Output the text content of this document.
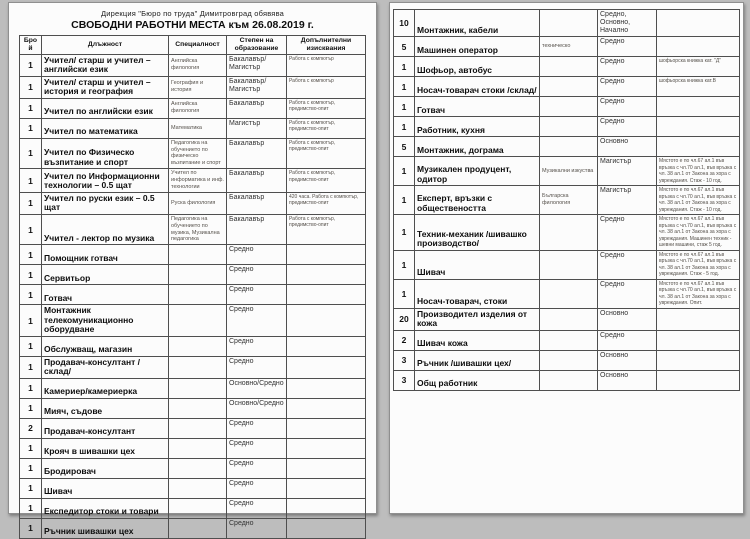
Дирекция "Бюро по труда" Димитровград обявява
СВОБОДНИ РАБОТНИ МЕСТА към 26.08.2019 г.
Брой	Длъжност	Специалност	Степен на образование	Допълнителни изисквания
1	Учител/ старш и учител – английски език	Английска филология	Бакалавър/ Магистър	Работа с компютър
1	Учител/ старш и учител – история и география	География и история	Бакалавър/ Магистър	Работа с компютър
1	Учител по английски език	Английска филология	Бакалавър	Работа с компютър, предимство-опит
1	Учител по математика	Математика	Магистър	Работа с компютър, предимство-опит
1	Учител по Физическо възпитание и спорт	Педагогика на обучението по физическо възпитание и спорт	Бакалавър	Работа с компютър, предимство-опит
1	Учител по Информационни технологии – 0.5 щат	Учител по информатика и инф. технологии	Бакалавър	Работа с компютър, предимство-опит
1	Учител по руски език – 0.5 щат	Руска филология	Бакалавър	420 часа. Работа с компютър, предимство-опит
1	Учител - лектор по музика	Педагогика на обучението по музика, Музикална педагогика	Бакалавър	Работа с компютър, предимство-опит
1	Помощник готвач		Средно	
1	Сервитьор		Средно	
1	Готвач		Средно	
1	Монтажник телекомуникационно оборудване		Средно	
1	Обслужващ, магазин		Средно	
1	Продавач-консултант /склад/		Средно	
1	Камериер/камериерка		Основно/Средно	
1	Мияч, съдове		Основно/Средно	
2	Продавач-консултант		Средно	
1	Крояч в шивашки цех		Средно	
1	Бродировач		Средно	
1	Шивач		Средно	
1	Експедитор стоки и товари		Средно	
1	Ръчник шивашки цех		Средно	
10	Монтажник, кабели		Средно, Основно, Начално	
5	Машинен оператор	техническо	Средно	
1	Шофьор, автобус		Средно	шофьорска книжка кат. "Д"
1	Носач-товарач стоки /склад/		Средно	шофьорска книжка кат.В
1	Готвач		Средно	
1	Работник, кухня		Средно	
5	Монтажник, дограма		Основно	
1	Музикален продуцент, одитор	Музикални изкуства	Магистър	Мястото е по чл.67 ал.1 във връзка с чл.70 ал.1, във връзка с чл. 38 ал.1 от Закона за хора с увреждания. Стаж - 10 год.
1	Експерт, връзки с обществеността	Българска филология	Магистър	Мястото е по чл.67 ал.1 във връзка с чл.70 ал.1, във връзка с чл. 38 ал.1 от Закона за хора с увреждания. Стаж - 10 год.
1	Техник-механик /шивашко производство/		Средно	Мястото е по чл.67 ал.1 във връзка с чл.70 ал.1, във връзка с чл. 38 ал.1 от Закона за хора с увреждания. Машинен техник - шевни машини, стаж 5 год.
1	Шивач		Средно	Мястото е по чл.67 ал.1 във връзка с чл.70 ал.1, във връзка с чл. 38 ал.1 от Закона за хора с увреждания. Стаж - 5 год.
1	Носач-товарач, стоки		Средно	Мястото е по чл.67 ал.1 във връзка с чл.70 ал.1, във връзка с чл. 38 ал.1 от Закона за хора с увреждания. Опит.
20	Производител изделия от кожа		Основно	
2	Шивач кожа		Средно	
3	Ръчник /шивашки цех/		Основно	
3	Общ работник		Основно	
